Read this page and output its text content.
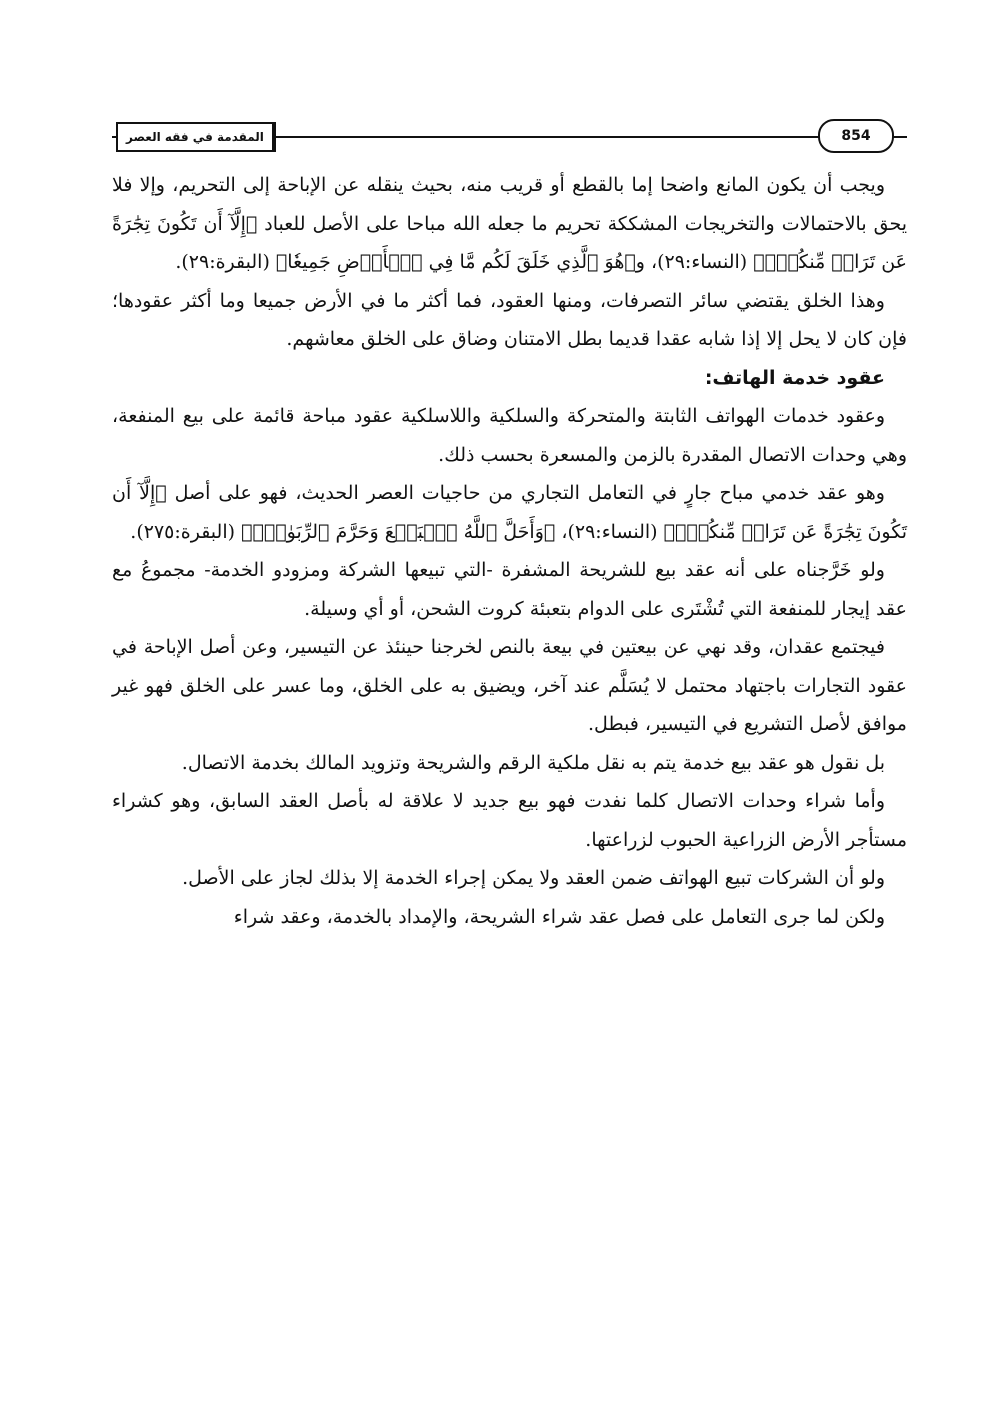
المقدمة في فقه العصر	854

ويجب أن يكون المانع واضحا إما بالقطع أو قريب منه، بحيث ينقله عن الإباحة إلى التحريم، وإلا فلا يحق بالاحتمالات والتخريجات المشككة تحريم ما جعله الله مباحا على الأصل للعباد ﴿إِلَّآ أَن تَكُونَ تِجَٰرَةً عَن تَرَاضٖ مِّنكُمۡۚ﴾ (النساء:٢٩)، و﴿هُوَ ٱلَّذِي خَلَقَ لَكُم مَّا فِي ٱلۡأَرۡضِ جَمِيعٗا﴾ (البقرة:٢٩).

وهذا الخلق يقتضي سائر التصرفات، ومنها العقود، فما أكثر ما في الأرض جميعا وما أكثر عقودها؛ فإن كان لا يحل إلا إذا شابه عقدا قديما بطل الامتنان وضاق على الخلق معاشهم.

عقود خدمة الهاتف:

وعقود خدمات الهواتف الثابتة والمتحركة والسلكية واللاسلكية عقود مباحة قائمة على بيع المنفعة، وهي وحدات الاتصال المقدرة بالزمن والمسعرة بحسب ذلك.

وهو عقد خدمي مباح جارٍ في التعامل التجاري من حاجيات العصر الحديث، فهو على أصل ﴿إِلَّآ أَن تَكُونَ تِجَٰرَةً عَن تَرَاضٖ مِّنكُمۡۚ﴾ (النساء:٢٩)، ﴿وَأَحَلَّ ٱللَّهُ ٱلۡبَيۡعَ وَحَرَّمَ ٱلرِّبَوٰاْۚ﴾ (البقرة:٢٧٥).

ولو خَرَّجناه على أنه عقد بيع للشريحة المشفرة -التي تبيعها الشركة ومزودو الخدمة- مجموعُ مع عقد إيجار للمنفعة التي تُشْتَرى على الدوام بتعبئة كروت الشحن، أو أي وسيلة.

فيجتمع عقدان، وقد نهي عن بيعتين في بيعة بالنص لخرجنا حينئذ عن التيسير، وعن أصل الإباحة في عقود التجارات باجتهاد محتمل لا يُسَلَّم عند آخر، ويضيق به على الخلق، وما عسر على الخلق فهو غير موافق لأصل التشريع في التيسير، فبطل.

بل نقول هو عقد بيع خدمة يتم به نقل ملكية الرقم والشريحة وتزويد المالك بخدمة الاتصال.

وأما شراء وحدات الاتصال كلما نفدت فهو بيع جديد لا علاقة له بأصل العقد السابق، وهو كشراء مستأجر الأرض الزراعية الحبوب لزراعتها.

ولو أن الشركات تبيع الهواتف ضمن العقد ولا يمكن إجراء الخدمة إلا بذلك لجاز على الأصل.

ولكن لما جرى التعامل على فصل عقد شراء الشريحة، والإمداد بالخدمة، وعقد شراء
